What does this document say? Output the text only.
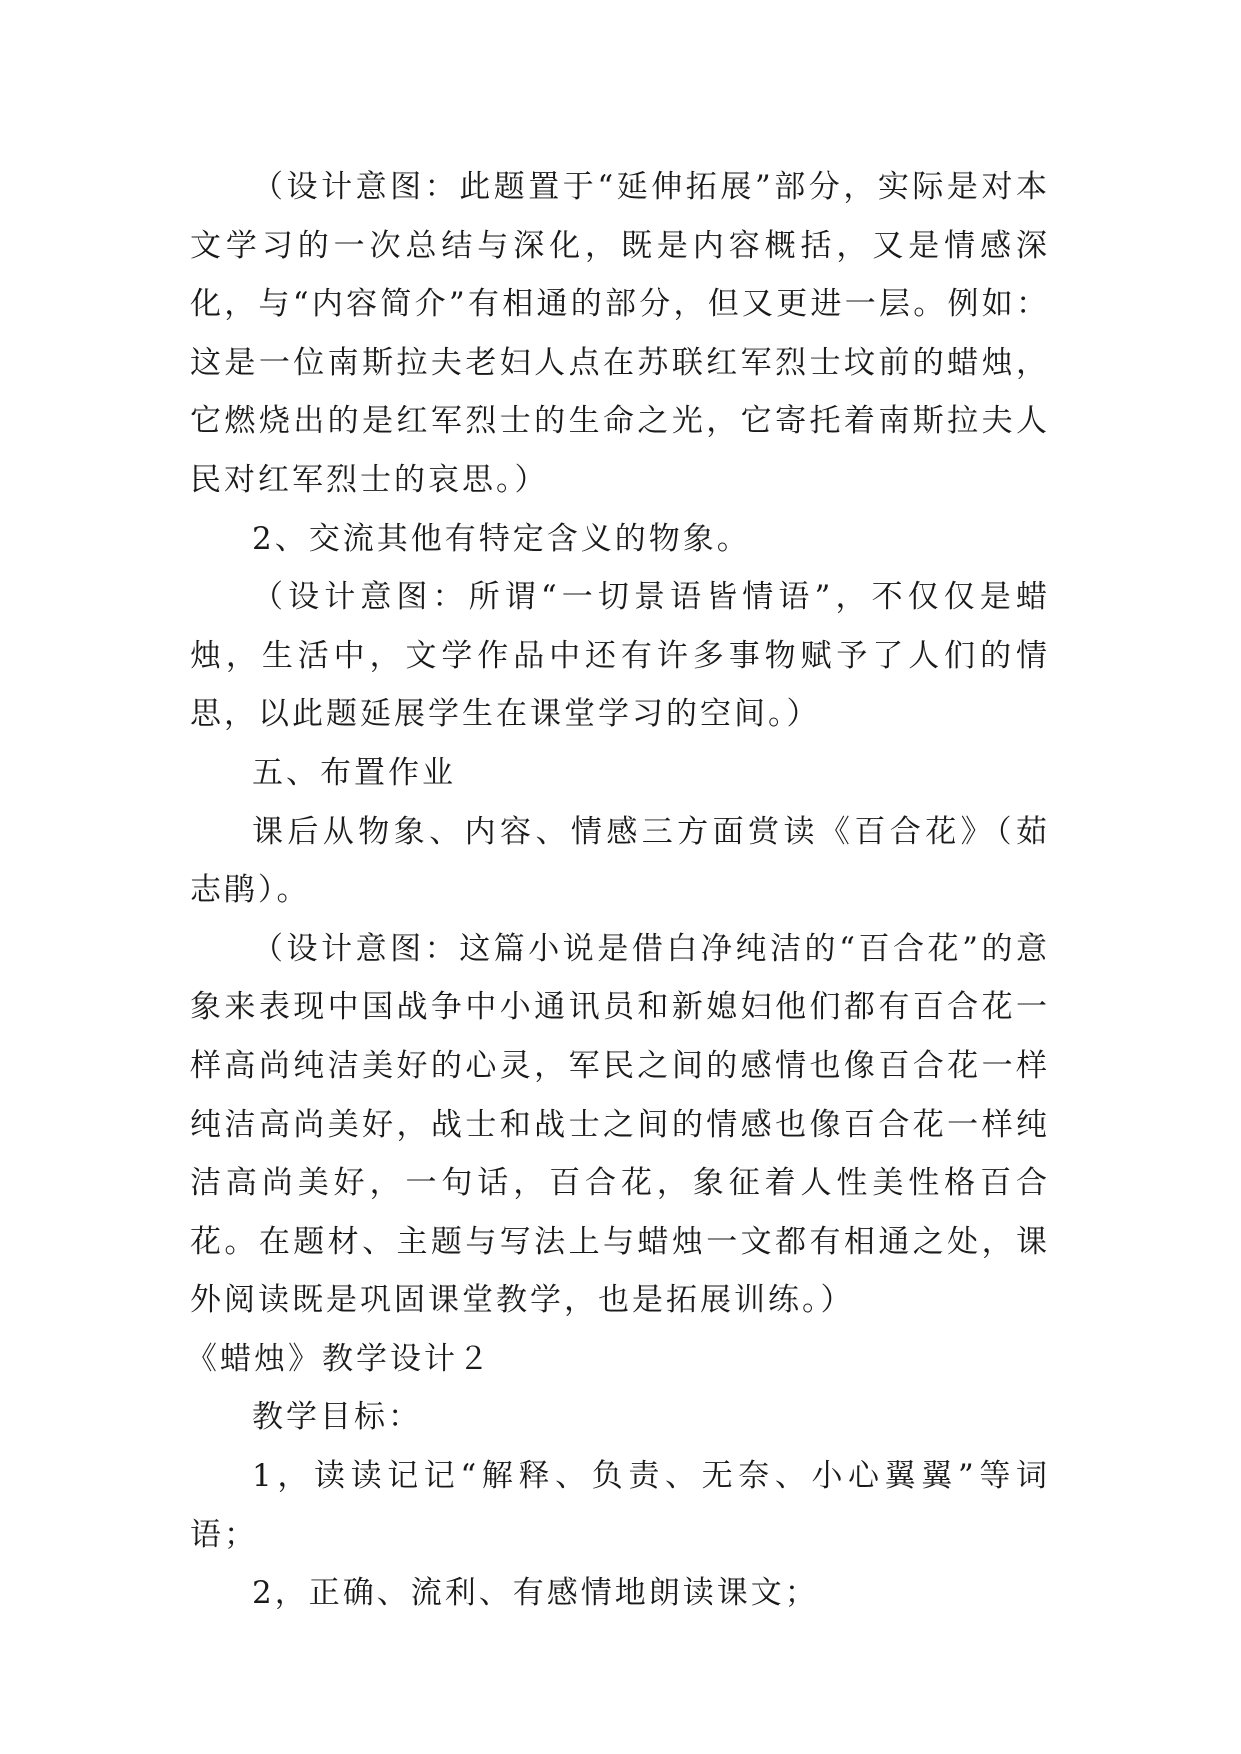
（设计意图：此题置于“延伸拓展”部分，实际是对本文学习的一次总结与深化，既是内容概括，又是情感深化，与“内容简介”有相通的部分，但又更进一层。例如：这是一位南斯拉夫老妇人点在苏联红军烈士坟前的蜡烛，它燃烧出的是红军烈士的生命之光，它寄托着南斯拉夫人民对红军烈士的哀思。）

2、交流其他有特定含义的物象。

（设计意图：所谓“一切景语皆情语”，不仅仅是蜡烛，生活中，文学作品中还有许多事物赋予了人们的情思，以此题延展学生在课堂学习的空间。）

五、布置作业

课后从物象、内容、情感三方面赏读《百合花》（茹志鹃）。

（设计意图：这篇小说是借白净纯洁的“百合花”的意象来表现中国战争中小通讯员和新媳妇他们都有百合花一样高尚纯洁美好的心灵，军民之间的感情也像百合花一样纯洁高尚美好，战士和战士之间的情感也像百合花一样纯洁高尚美好，一句话，百合花，象征着人性美性格百合花。在题材、主题与写法上与蜡烛一文都有相通之处，课外阅读既是巩固课堂教学，也是拓展训练。）

《蜡烛》教学设计２

教学目标：

1，读读记记“解释、负责、无奈、小心翼翼”等词语；

2，正确、流利、有感情地朗读课文；
